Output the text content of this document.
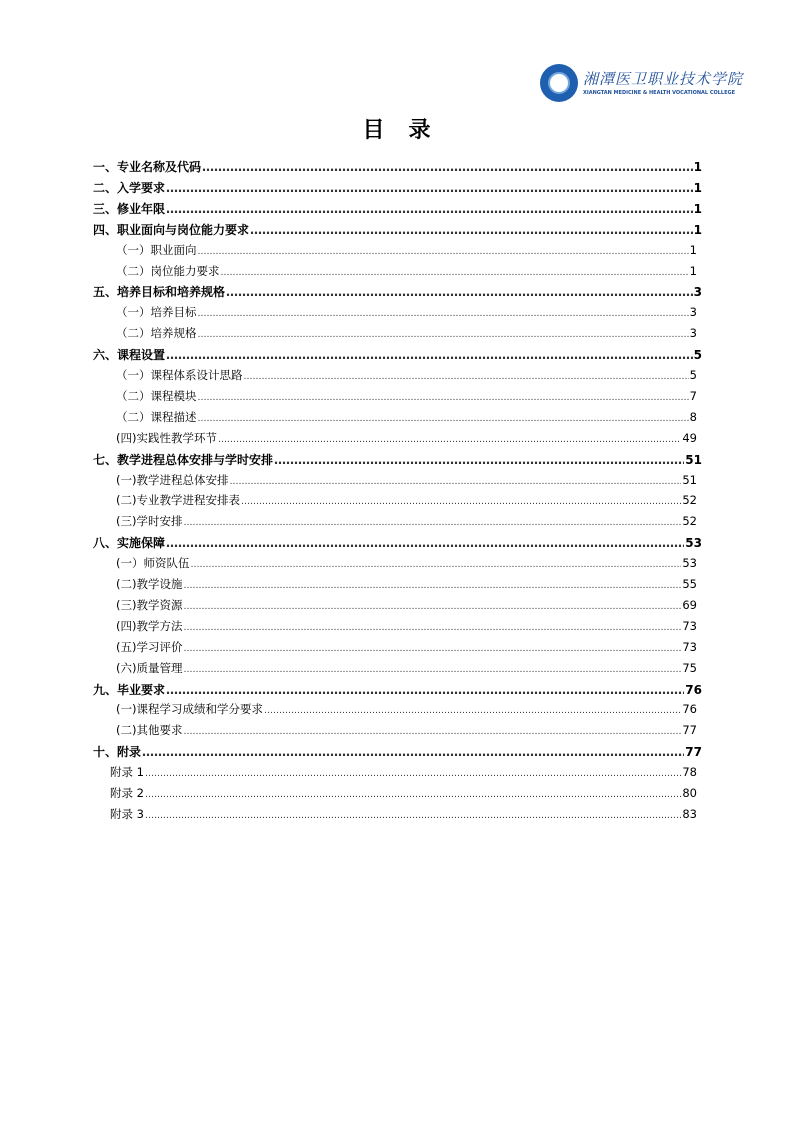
湘潭医卫职业技术学院
XIANGTAN MEDICINE & HEALTH VOCATIONAL COLLEGE
目录
一、专业名称及代码 ……………………………………………………………………………………………………………………………………………………………………………………………………………………………………	1
二、入学要求 ……………………………………………………………………………………………………………………………………………………………………………………………………………………………………	1
三、修业年限 ……………………………………………………………………………………………………………………………………………………………………………………………………………………………………	1
四、职业面向与岗位能力要求 ……………………………………………………………………………………………………………………………………………………………………………………………………………………………………	1
（一）职业面向 ……………………………………………………………………………………………………………………………………………………………………………………………………………………………………	1
（二）岗位能力要求 ……………………………………………………………………………………………………………………………………………………………………………………………………………………………………	1
五、培养目标和培养规格 ……………………………………………………………………………………………………………………………………………………………………………………………………………………………………	3
（一）培养目标 ……………………………………………………………………………………………………………………………………………………………………………………………………………………………………	3
（二）培养规格 ……………………………………………………………………………………………………………………………………………………………………………………………………………………………………	3
六、课程设置 ……………………………………………………………………………………………………………………………………………………………………………………………………………………………………	5
（一）课程体系设计思路 ……………………………………………………………………………………………………………………………………………………………………………………………………………………………………	5
（二）课程模块 ……………………………………………………………………………………………………………………………………………………………………………………………………………………………………	7
（二）课程描述 ……………………………………………………………………………………………………………………………………………………………………………………………………………………………………	8
(四)实践性教学环节 ……………………………………………………………………………………………………………………………………………………………………………………………………………………………………	49
七、教学进程总体安排与学时安排 ……………………………………………………………………………………………………………………………………………………………………………………………………………………………………	51
(一)教学进程总体安排 ……………………………………………………………………………………………………………………………………………………………………………………………………………………………………	51
(二)专业教学进程安排表 ……………………………………………………………………………………………………………………………………………………………………………………………………………………………………	52
(三)学时安排 ……………………………………………………………………………………………………………………………………………………………………………………………………………………………………	52
八、实施保障 ……………………………………………………………………………………………………………………………………………………………………………………………………………………………………	53
(一）师资队伍 ……………………………………………………………………………………………………………………………………………………………………………………………………………………………………	53
(二)教学设施 ……………………………………………………………………………………………………………………………………………………………………………………………………………………………………	55
(三)教学资源 ……………………………………………………………………………………………………………………………………………………………………………………………………………………………………	69
(四)教学方法 ……………………………………………………………………………………………………………………………………………………………………………………………………………………………………	73
(五)学习评价 ……………………………………………………………………………………………………………………………………………………………………………………………………………………………………	73
(六)质量管理 ……………………………………………………………………………………………………………………………………………………………………………………………………………………………………	75
九、毕业要求 ……………………………………………………………………………………………………………………………………………………………………………………………………………………………………	76
(一)课程学习成绩和学分要求 ……………………………………………………………………………………………………………………………………………………………………………………………………………………………………	76
(二)其他要求 ……………………………………………………………………………………………………………………………………………………………………………………………………………………………………	77
十、附录 ……………………………………………………………………………………………………………………………………………………………………………………………………………………………………	77
附录 1 ……………………………………………………………………………………………………………………………………………………………………………………………………………………………………	78
附录 2 ……………………………………………………………………………………………………………………………………………………………………………………………………………………………………	80
附录 3 ……………………………………………………………………………………………………………………………………………………………………………………………………………………………………	83
